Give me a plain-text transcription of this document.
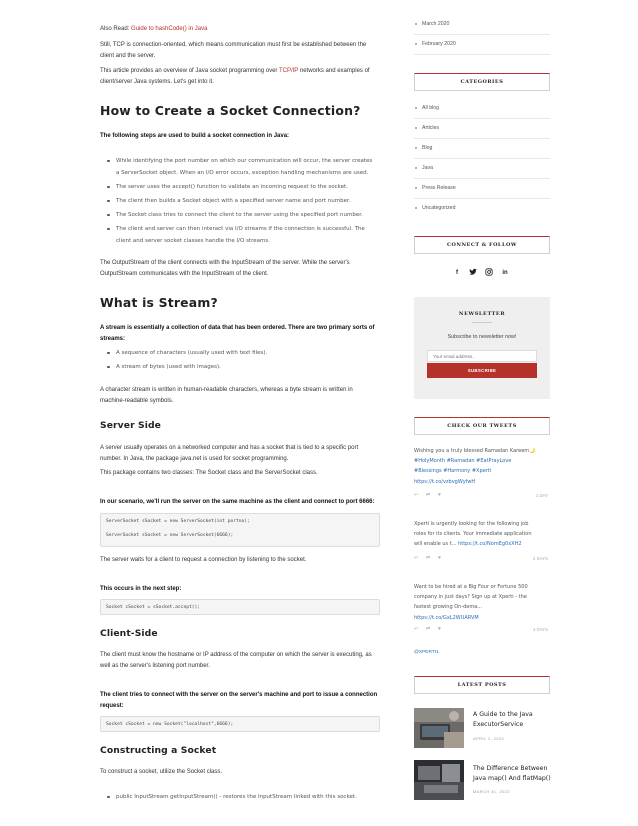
Also Read: Guide to hashCode() in Java
Still, TCP is connection-oriented, which means communication must first be established between the
client and the server.
This article provides an overview of Java socket programming over TCP/IP networks and examples of
client/server Java systems. Let's get into it.
How to Create a Socket Connection?
The following steps are used to build a socket connection in Java:
While identifying the port number on which our communication will occur, the server creates
a ServerSocket object. When an I/O error occurs, exception handling mechanisms are used.
The server uses the accept() function to validate an incoming request to the socket.
The client then builds a Socket object with a specified server name and port number.
The Socket class tries to connect the client to the server using the specified port number.
The client and server can then interact via I/O streams if the connection is successful. The
client and server socket classes handle the I/O streams.
The OutputStream of the client connects with the InputStream of the server. While the server's
OutputStream communicates with the InputStream of the client.
What is Stream?
A stream is essentially a collection of data that has been ordered. There are two primary sorts of streams:
A sequence of characters (usually used with text files).
A stream of bytes (used with images).
A character stream is written in human-readable characters, whereas a byte stream is written in
machine-readable symbols.
Server Side
A server usually operates on a networked computer and has a socket that is tied to a specific port
number. In Java, the package java.net is used for socket programming.
This package contains two classes: The Socket class and the ServerSocket class.
In our scenario, we'll run the server on the same machine as the client and connect to port 6666:
ServerSocket sSocket = new ServerSocket(int portno);
ServerSocket sSocket = new ServerSocket(6666);
The server waits for a client to request a connection by listening to the socket.
This occurs in the next step:
Socket cSocket = sSocket.accept();
Client-Side
The client must know the hostname or IP address of the computer on which the server is executing, as
well as the server's listening port number.
The client tries to connect with the server on the server's machine and port to issue a connection
request:
Socket cSocket = new Socket("localhost",6666);
Constructing a Socket
To construct a socket, utilize the Socket class.
public InputStream getInputStream() - restores the InputStream linked with this socket.
March 2020
February 2020
CATEGORIES
All blog
Articles
Blog
Java
Press Release
Uncategorized
CONNECT & FOLLOW
f	in
NEWSLETTER
Subscribe to newsletter now!
Your email address..
SUBSCRIBE
CHECK OUR TWEETS
Wishing you a truly blessed Ramadan Kareem🌙
#HolyMonth #Ramadan #EatPrayLove
#Blessings #Harmony #Xperti
https://t.co/vzbvgWyfwH
↩ ⇄ ♥	1 DAY
Xperti is urgently looking for the following job
roles for its clients. Your immediate application
will enable us t... https://t.co/NomEg0xXH2
↩ ⇄ ♥	2 DAYS
Want to be hired at a Big Four or Fortune 500
company in just days? Sign up at Xperti - the
fastest growing On-dema...
https://t.co/GxL2WUARVM
↩ ⇄ ♥	3 DAYS
@XPERTI1
LATEST POSTS
A Guide to the Java
ExecutorService
APRIL 1, 2022
The Difference Between
Java map() And flatMap()
MARCH 31, 2022
